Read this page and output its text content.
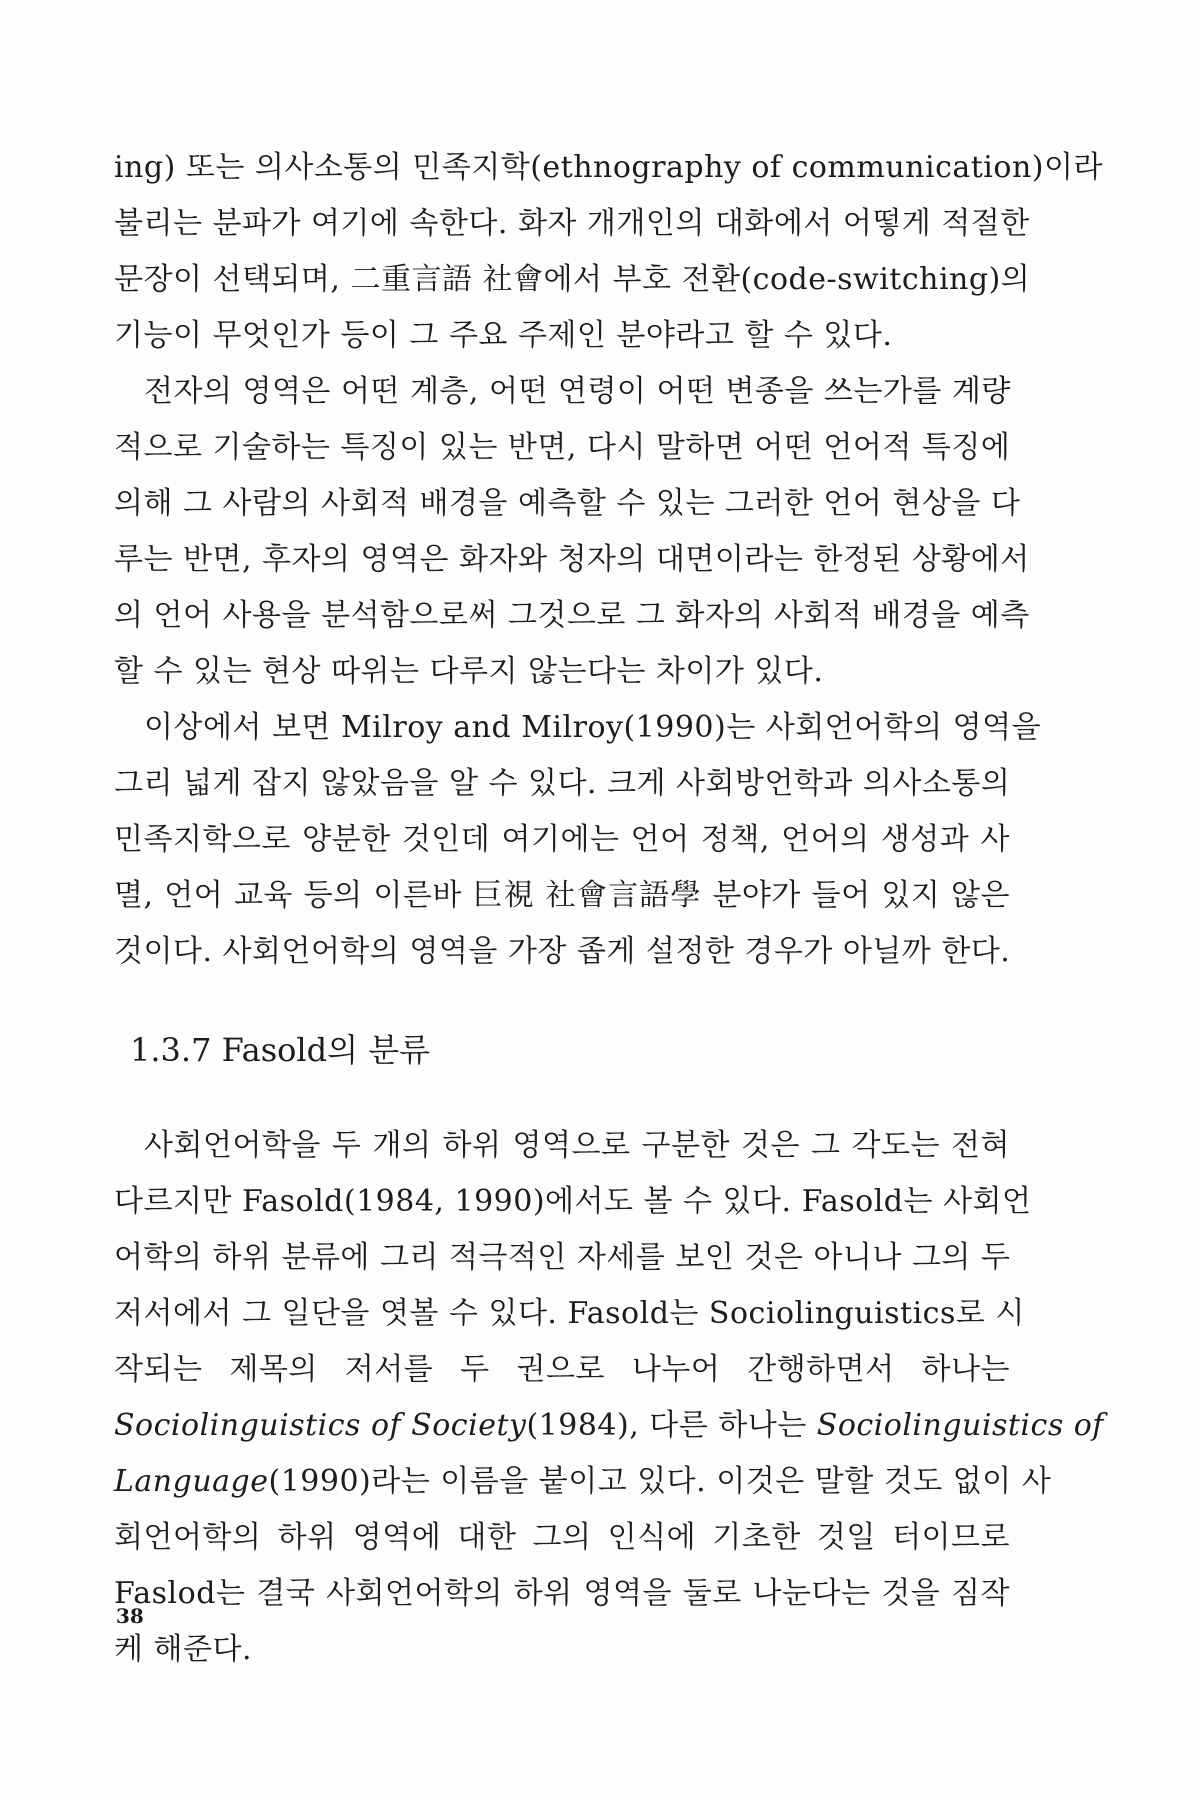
ing) 또는 의사소통의 민족지학(ethnography of communication)이라
불리는 분파가 여기에 속한다. 화자 개개인의 대화에서 어떻게 적절한
문장이 선택되며, 二重言語 社會에서 부호 전환(code-switching)의
기능이 무엇인가 등이 그 주요 주제인 분야라고 할 수 있다.

전자의 영역은 어떤 계층, 어떤 연령이 어떤 변종을 쓰는가를 계량
적으로 기술하는 특징이 있는 반면, 다시 말하면 어떤 언어적 특징에
의해 그 사람의 사회적 배경을 예측할 수 있는 그러한 언어 현상을 다
루는 반면, 후자의 영역은 화자와 청자의 대면이라는 한정된 상황에서
의 언어 사용을 분석함으로써 그것으로 그 화자의 사회적 배경을 예측
할 수 있는 현상 따위는 다루지 않는다는 차이가 있다.

이상에서 보면 Milroy and Milroy(1990)는 사회언어학의 영역을
그리 넓게 잡지 않았음을 알 수 있다. 크게 사회방언학과 의사소통의
민족지학으로 양분한 것인데 여기에는 언어 정책, 언어의 생성과 사
멸, 언어 교육 등의 이른바 巨視 社會言語學 분야가 들어 있지 않은
것이다. 사회언어학의 영역을 가장 좁게 설정한 경우가 아닐까 한다.

1.3.7 Fasold의 분류

사회언어학을 두 개의 하위 영역으로 구분한 것은 그 각도는 전혀
다르지만 Fasold(1984, 1990)에서도 볼 수 있다. Fasold는 사회언
어학의 하위 분류에 그리 적극적인 자세를 보인 것은 아니나 그의 두
저서에서 그 일단을 엿볼 수 있다. Fasold는 Sociolinguistics로 시
작되는 제목의 저서를 두 권으로 나누어 간행하면서 하나는
Sociolinguistics of Society(1984), 다른 하나는 Sociolinguistics of
Language(1990)라는 이름을 붙이고 있다. 이것은 말할 것도 없이 사
회언어학의 하위 영역에 대한 그의 인식에 기초한 것일 터이므로
Faslod는 결국 사회언어학의 하위 영역을 둘로 나눈다는 것을 짐작
케 해준다.

38
